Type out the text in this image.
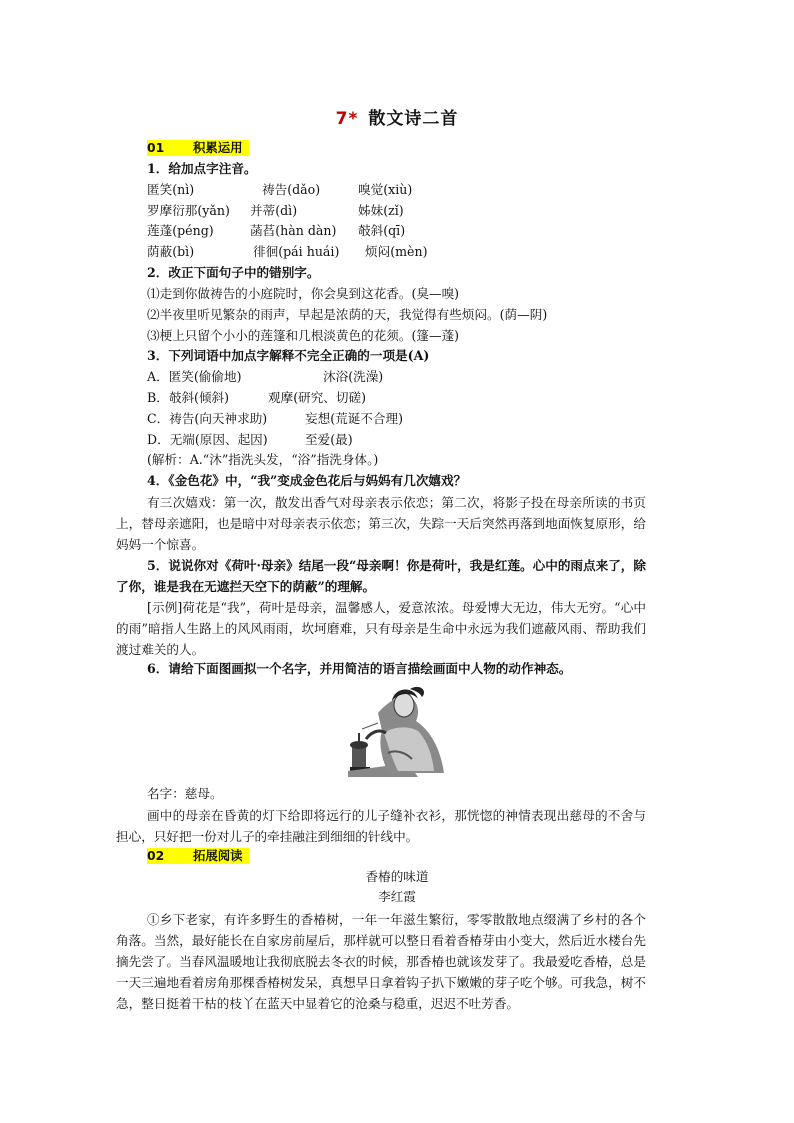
7* 散文诗二首
01 积累运用
1．给加点字注音。
匿笑(nì)	祷告(dǎo)	嗅觉(xiù)
罗摩衍那(yǎn) 并蒂(dì)	姊妹(zǐ)
莲蓬(péng)	菡萏(hàn dàn) 攲斜(qī)
荫蔽(bì)	徘徊(pái huái) 烦闷(mèn)
2．改正下面句子中的错别字。
⑴走到你做祷告的小庭院时，你会臭到这花香。(臭—嗅)
⑵半夜里听见繁杂的雨声，早起是浓荫的天，我觉得有些烦闷。(荫—阴)
⑶梗上只留个小小的莲篷和几根淡黄色的花须。(篷—蓬)
3．下列词语中加点字解释不完全正确的一项是(A)
A．匿笑(偷偷地)	沐浴(洗澡)
B．攲斜(倾斜)	观摩(研究、切磋)
C．祷告(向天神求助)	妄想(荒诞不合理)
D．无端(原因、起因)	至爱(最)
(解析：A.“沐”指洗头发，“浴”指洗身体。)
4．《金色花》中，“我”变成金色花后与妈妈有几次嬉戏？
有三次嬉戏：第一次，散发出香气对母亲表示依恋；第二次，将影子投在母亲所读的书页上，替母亲遮阳，也是暗中对母亲表示依恋；第三次，失踪一天后突然再落到地面恢复原形，给妈妈一个惊喜。
5．说说你对《荷叶·母亲》结尾一段“母亲啊！你是荷叶，我是红莲。心中的雨点来了，除了你，谁是我在无遮拦天空下的荫蔽”的理解。
[示例]荷花是“我”，荷叶是母亲，温馨感人，爱意浓浓。母爱博大无边，伟大无穷。“心中的雨”暗指人生路上的风风雨雨，坎坷磨难，只有母亲是生命中永远为我们遮蔽风雨、帮助我们渡过难关的人。
6．请给下面图画拟一个名字，并用简洁的语言描绘画面中人物的动作神态。
名字：慈母。
画中的母亲在昏黄的灯下给即将远行的儿子缝补衣衫，那恍惚的神情表现出慈母的不舍与担心，只好把一份对儿子的牵挂融注到细细的针线中。
02 拓展阅读
香椿的味道
李红霞
①乡下老家，有许多野生的香椿树，一年一年滋生繁衍，零零散散地点缀满了乡村的各个角落。当然，最好能长在自家房前屋后，那样就可以整日看着香椿芽由小变大，然后近水楼台先摘先尝了。当春风温暖地让我彻底脱去冬衣的时候，那香椿也就该发芽了。我最爱吃香椿，总是一天三遍地看着房角那棵香椿树发呆，真想早日拿着钩子扒下嫩嫩的芽子吃个够。可我急，树不急，整日挺着干枯的枝丫在蓝天中显着它的沧桑与稳重，迟迟不吐芳香。
